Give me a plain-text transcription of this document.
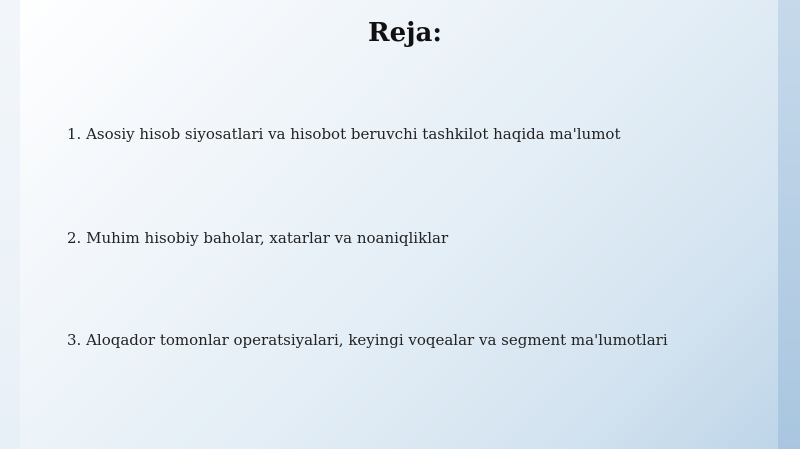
Reja:

1. Asosiy hisob siyosatlari va hisobot beruvchi tashkilot haqida ma'lumot

2. Muhim hisobiy baholar, xatarlar va noaniqliklar

3. Aloqador tomonlar operatsiyalari, keyingi voqealar va segment ma'lumotlari
